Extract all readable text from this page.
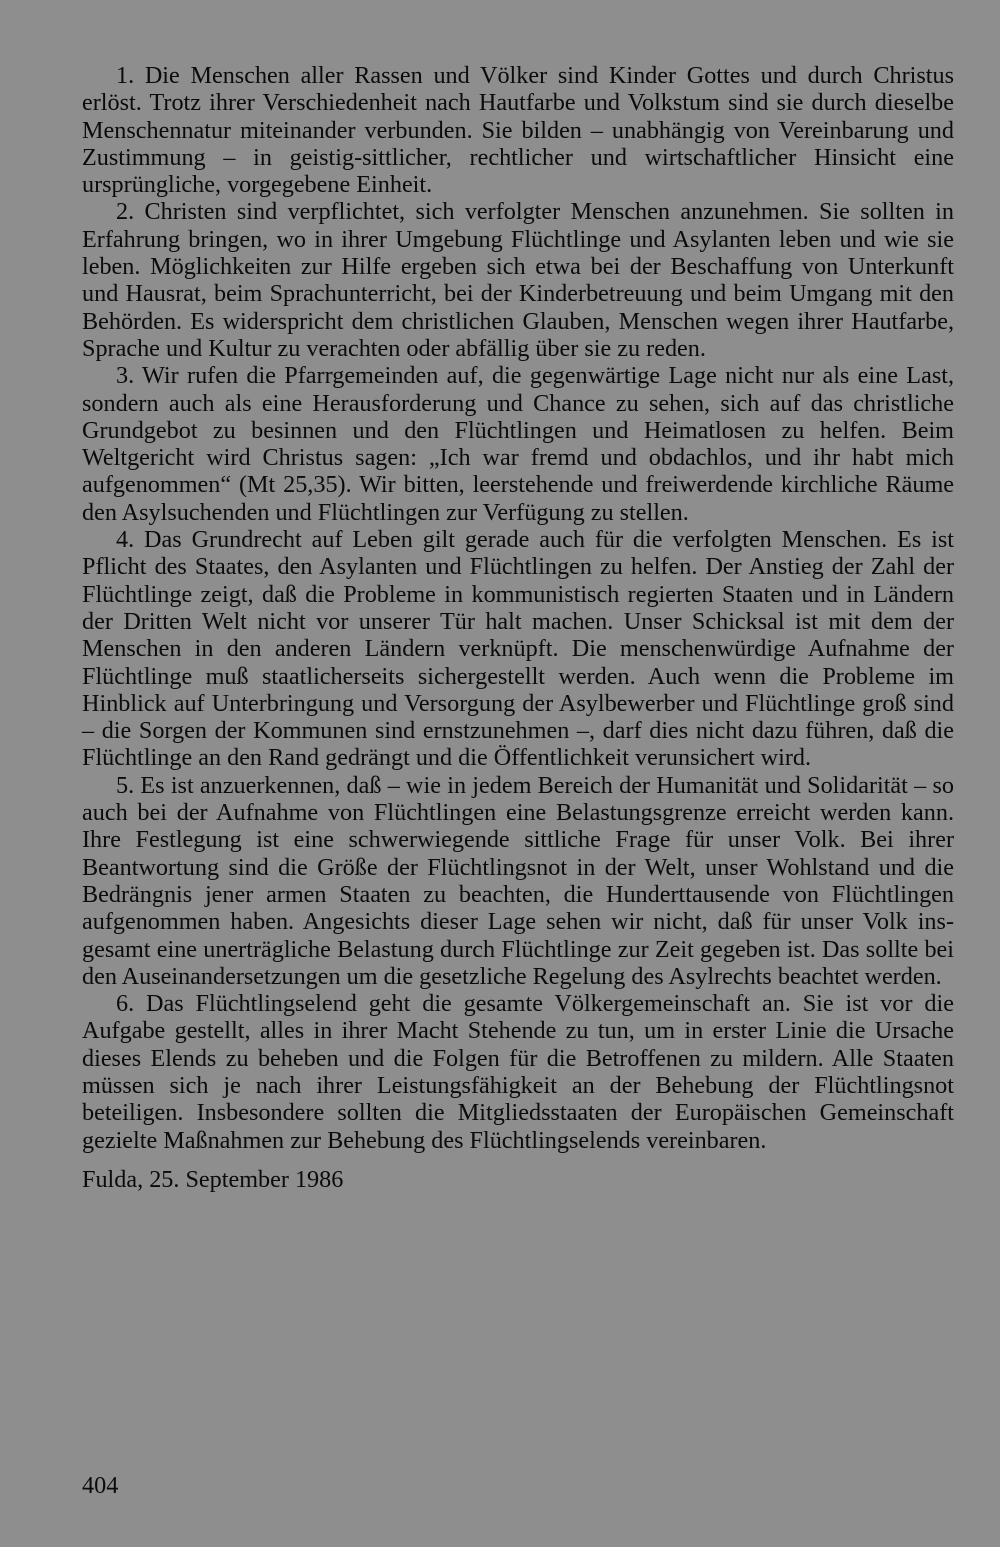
1. Die Menschen aller Rassen und Völker sind Kinder Gottes und durch Christus erlöst. Trotz ihrer Verschiedenheit nach Hautfarbe und Volkstum sind sie durch dieselbe Menschennatur miteinander verbunden. Sie bilden – unabhängig von Vereinbarung und Zustimmung – in geistig-sittlicher, rechtlicher und wirtschaftlicher Hinsicht eine ursprüngliche, vorgegebene Einheit.

2. Christen sind verpflichtet, sich verfolgter Menschen anzunehmen. Sie sollten in Erfahrung bringen, wo in ihrer Umgebung Flüchtlinge und Asylanten leben und wie sie leben. Möglichkeiten zur Hilfe ergeben sich etwa bei der Beschaffung von Unterkunft und Hausrat, beim Sprachunterricht, bei der Kinderbetreuung und beim Umgang mit den Behörden. Es widerspricht dem christlichen Glauben, Menschen wegen ihrer Hautfarbe, Sprache und Kultur zu verachten oder abfällig über sie zu reden.

3. Wir rufen die Pfarrgemeinden auf, die gegenwärtige Lage nicht nur als eine Last, sondern auch als eine Herausforderung und Chance zu sehen, sich auf das christliche Grundgebot zu besinnen und den Flüchtlingen und Heimatlosen zu helfen. Beim Weltgericht wird Christus sagen: „Ich war fremd und obdachlos, und ihr habt mich aufgenommen“ (Mt 25,35). Wir bitten, leerstehende und freiwerdende kirchliche Räume den Asylsuchenden und Flüchtlingen zur Verfügung zu stellen.

4. Das Grundrecht auf Leben gilt gerade auch für die verfolgten Menschen. Es ist Pflicht des Staates, den Asylanten und Flüchtlingen zu helfen. Der Anstieg der Zahl der Flüchtlinge zeigt, daß die Probleme in kommunistisch regierten Staaten und in Ländern der Dritten Welt nicht vor unserer Tür halt machen. Unser Schicksal ist mit dem der Menschen in den anderen Ländern verknüpft. Die menschenwürdige Aufnahme der Flüchtlinge muß staatlicherseits sichergestellt werden. Auch wenn die Probleme im Hinblick auf Unterbringung und Versorgung der Asylbewerber und Flüchtlinge groß sind – die Sorgen der Kommunen sind ernstzunehmen –, darf dies nicht dazu führen, daß die Flüchtlinge an den Rand gedrängt und die Öffentlichkeit verunsichert wird.

5. Es ist anzuerkennen, daß – wie in jedem Bereich der Humanität und Solidarität – so auch bei der Aufnahme von Flüchtlingen eine Belastungsgrenze erreicht werden kann. Ihre Festlegung ist eine schwerwiegende sittliche Frage für unser Volk. Bei ihrer Beantwortung sind die Größe der Flüchtlingsnot in der Welt, unser Wohlstand und die Bedrängnis jener armen Staaten zu beachten, die Hunderttausende von Flüchtlingen aufgenommen haben. Angesichts dieser Lage sehen wir nicht, daß für unser Volk insgesamt eine unerträgliche Belastung durch Flüchtlinge zur Zeit gegeben ist. Das sollte bei den Auseinandersetzungen um die gesetzliche Regelung des Asylrechts beachtet werden.

6. Das Flüchtlingselend geht die gesamte Völkergemeinschaft an. Sie ist vor die Aufgabe gestellt, alles in ihrer Macht Stehende zu tun, um in erster Linie die Ursache dieses Elends zu beheben und die Folgen für die Betroffenen zu mildern. Alle Staaten müssen sich je nach ihrer Leistungsfähigkeit an der Behebung der Flüchtlingsnot beteiligen. Insbesondere sollten die Mitgliedsstaaten der Europäischen Gemeinschaft gezielte Maßnahmen zur Behebung des Flüchtlingselends vereinbaren.

Fulda, 25. September 1986

404
